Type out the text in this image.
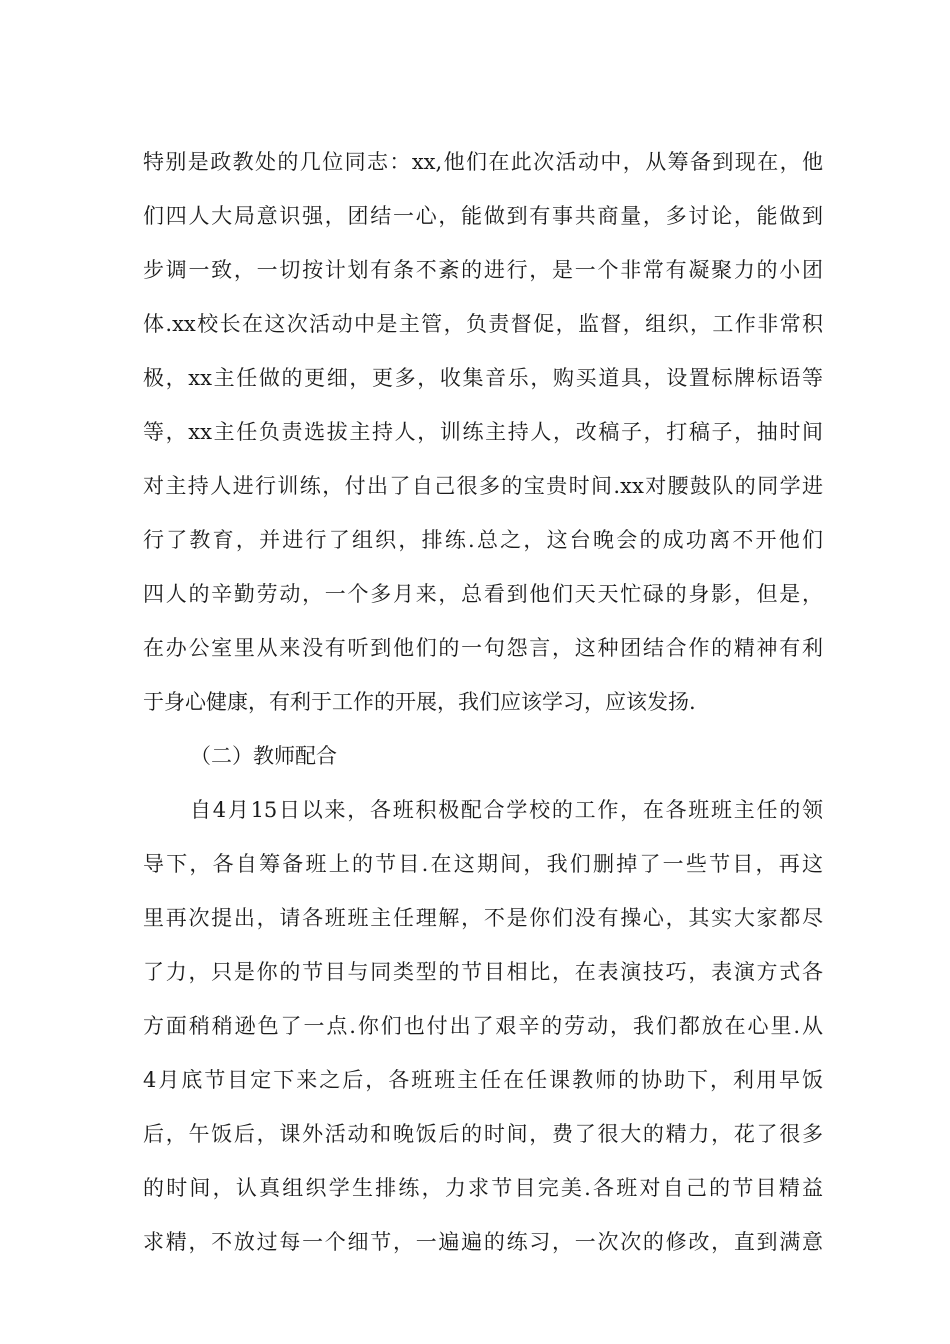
特别是政教处的几位同志：xx,他们在此次活动中，从筹备到现在，他

们四人大局意识强，团结一心，能做到有事共商量，多讨论，能做到

步调一致，一切按计划有条不紊的进行，是一个非常有凝聚力的小团

体.xx校长在这次活动中是主管，负责督促，监督，组织，工作非常积

极，xx主任做的更细，更多，收集音乐，购买道具，设置标牌标语等

等，xx主任负责选拔主持人，训练主持人，改稿子，打稿子，抽时间

对主持人进行训练，付出了自己很多的宝贵时间.xx对腰鼓队的同学进

行了教育，并进行了组织，排练.总之，这台晚会的成功离不开他们

四人的辛勤劳动，一个多月来，总看到他们天天忙碌的身影，但是，

在办公室里从来没有听到他们的一句怨言，这种团结合作的精神有利

于身心健康，有利于工作的开展，我们应该学习，应该发扬.

（二）教师配合

自4月15日以来，各班积极配合学校的工作，在各班班主任的领

导下，各自筹备班上的节目.在这期间，我们删掉了一些节目，再这

里再次提出，请各班班主任理解，不是你们没有操心，其实大家都尽

了力，只是你的节目与同类型的节目相比，在表演技巧，表演方式各

方面稍稍逊色了一点.你们也付出了艰辛的劳动，我们都放在心里.从

4月底节目定下来之后，各班班主任在任课教师的协助下，利用早饭

后，午饭后，课外活动和晚饭后的时间，费了很大的精力，花了很多

的时间，认真组织学生排练，力求节目完美.各班对自己的节目精益

求精，不放过每一个细节，一遍遍的练习，一次次的修改，直到满意
